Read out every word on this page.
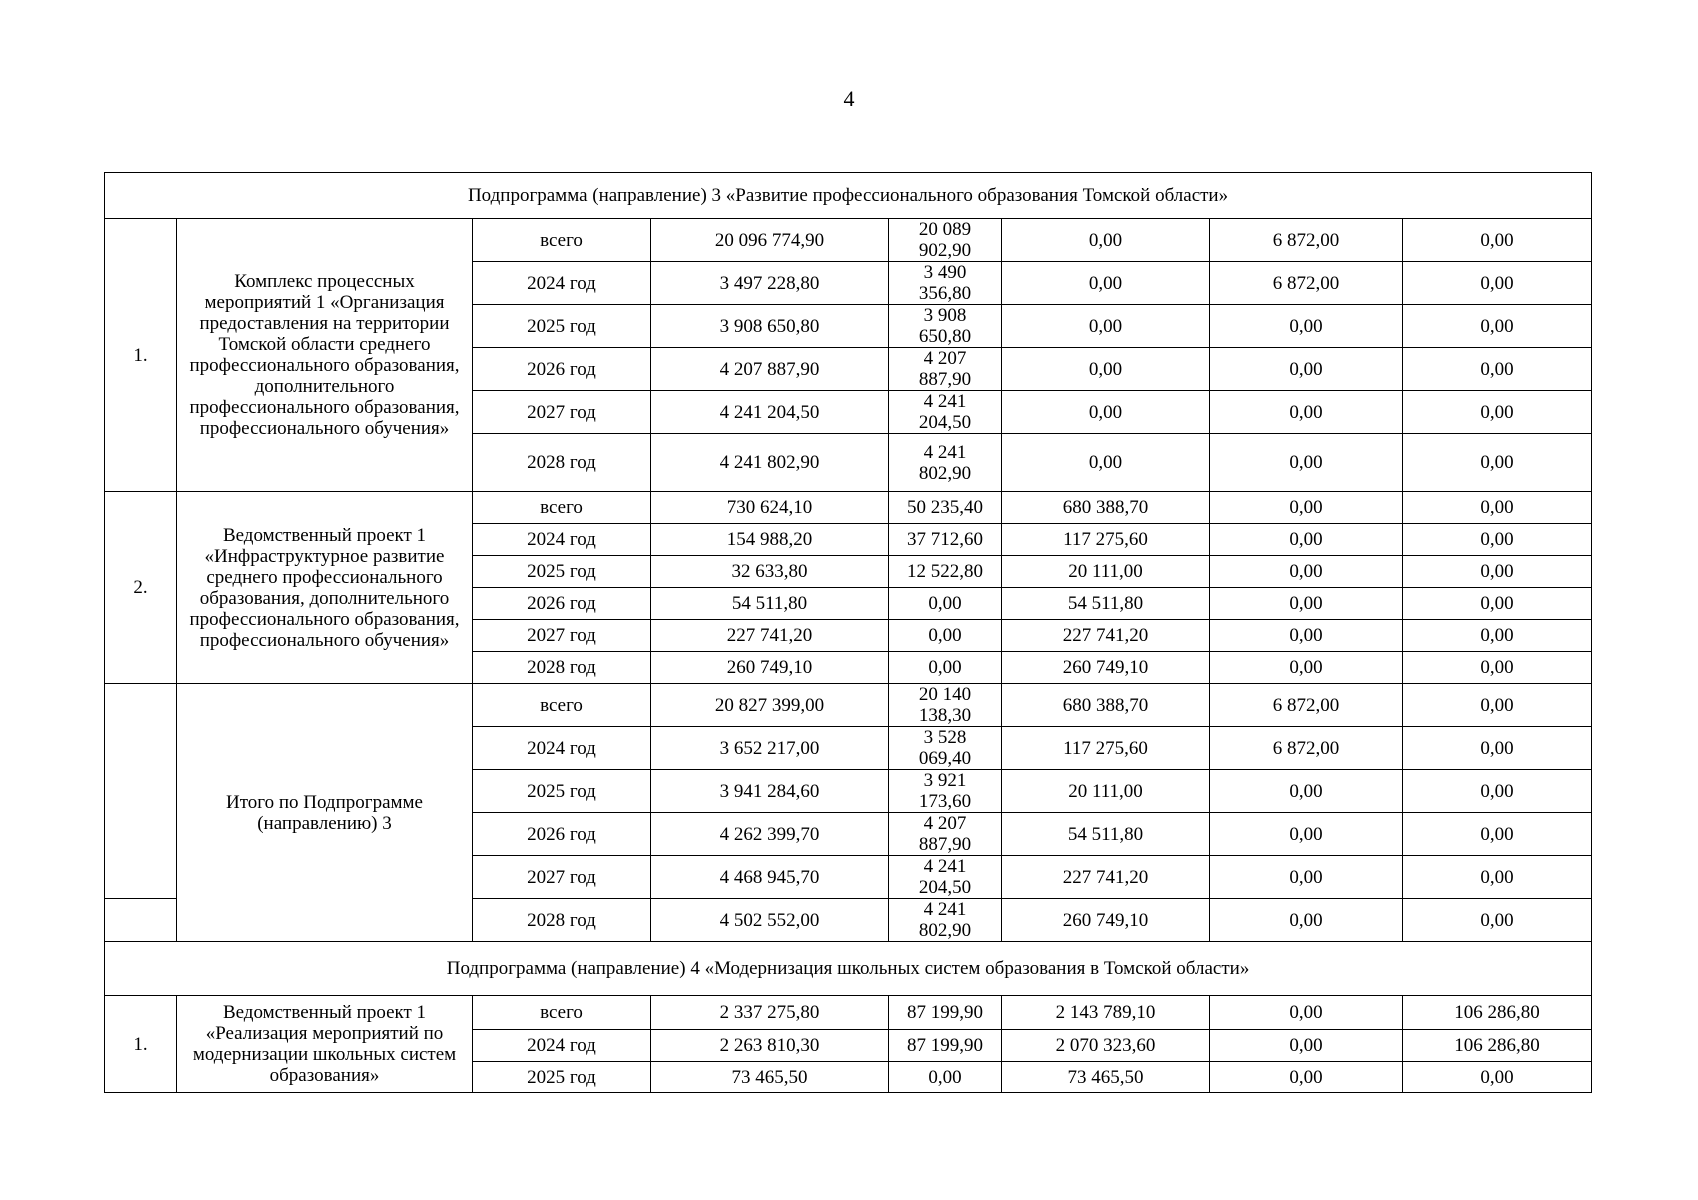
4
Подпрограмма (направление) 3 «Развитие профессионального образования Томской области»							
1.	Комплекс процессных мероприятий 1 «Организация предоставления на территории Томской области среднего профессионального образования, дополнительного профессионального образования, профессионального обучения»	всего	20 096 774,90	20 089 902,90	0,00	6 872,00	0,00
		2024 год	3 497 228,80	3 490 356,80	0,00	6 872,00	0,00
		2025 год	3 908 650,80	3 908 650,80	0,00	0,00	0,00
		2026 год	4 207 887,90	4 207 887,90	0,00	0,00	0,00
		2027 год	4 241 204,50	4 241 204,50	0,00	0,00	0,00
		2028 год	4 241 802,90	4 241 802,90	0,00	0,00	0,00
2.	Ведомственный проект 1 «Инфраструктурное развитие среднего профессионального образования, дополнительного профессионального образования, профессионального обучения»	всего	730 624,10	50 235,40	680 388,70	0,00	0,00
		2024 год	154 988,20	37 712,60	117 275,60	0,00	0,00
		2025 год	32 633,80	12 522,80	20 111,00	0,00	0,00
		2026 год	54 511,80	0,00	54 511,80	0,00	0,00
		2027 год	227 741,20	0,00	227 741,20	0,00	0,00
		2028 год	260 749,10	0,00	260 749,10	0,00	0,00
	Итого по Подпрограмме (направлению) 3	всего	20 827 399,00	20 140 138,30	680 388,70	6 872,00	0,00
		2024 год	3 652 217,00	3 528 069,40	117 275,60	6 872,00	0,00
		2025 год	3 941 284,60	3 921 173,60	20 111,00	0,00	0,00
		2026 год	4 262 399,70	4 207 887,90	54 511,80	0,00	0,00
		2027 год	4 468 945,70	4 241 204,50	227 741,20	0,00	0,00
		2028 год	4 502 552,00	4 241 802,90	260 749,10	0,00	0,00
Подпрограмма (направление) 4 «Модернизация школьных систем образования в Томской области»							
1.	Ведомственный проект 1 «Реализация мероприятий по модернизации школьных систем образования»	всего	2 337 275,80	87 199,90	2 143 789,10	0,00	106 286,80
		2024 год	2 263 810,30	87 199,90	2 070 323,60	0,00	106 286,80
		2025 год	73 465,50	0,00	73 465,50	0,00	0,00
